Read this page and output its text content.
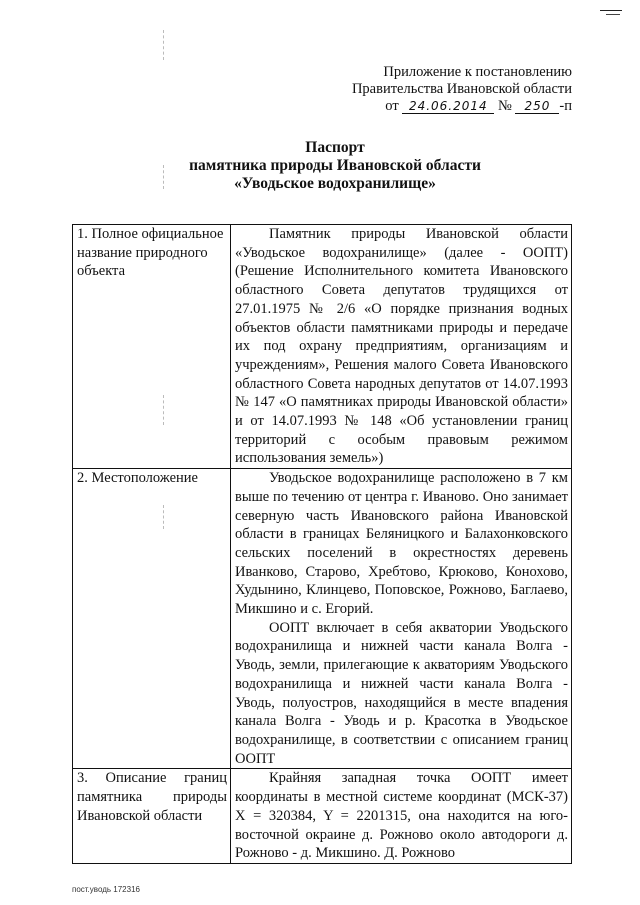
Приложение к постановлению
Правительства Ивановской области
от 24.06.2014 № 250 -п
Паспорт
памятника природы Ивановской области
«Уводьское водохранилище»
1. Полное официальное название природного объекта	Памятник природы Ивановской области «Уводьское водохранилище» (далее - ООПТ) (Решение Исполнительного комитета Ивановского областного Совета депутатов трудящихся от 27.01.1975 № 2/6 «О порядке признания водных объектов области памятниками природы и передаче их под охрану предприятиям, организациям и учреждениям», Решения малого Совета Ивановского областного Совета народных депутатов от 14.07.1993 № 147 «О памятниках природы Ивановской области» и от 14.07.1993 № 148 «Об установлении границ территорий с особым правовым режимом использования земель»)

2. Местоположение	Уводьское водохранилище расположено в 7 км выше по течению от центра г. Иваново. Оно занимает северную часть Ивановского района Ивановской области в границах Беляницкого и Балахонковского сельских поселений в окрестностях деревень Иванково, Старово, Хребтово, Крюково, Конохово, Худынино, Клинцево, Поповское, Рожново, Баглаево, Микшино и с. Егорий.

ООПТ включает в себя акватории Уводьского водохранилища и нижней части канала Волга - Уводь, земли, прилегающие к акваториям Уводьского водохранилища и нижней части канала Волга - Уводь, полуостров, находящийся в месте впадения канала Волга - Уводь и р. Красотка в Уводьское водохранилище, в соответствии с описанием границ ООПТ

3. Описание границ памятника природы Ивановской области	Крайняя западная точка ООПТ имеет координаты в местной системе координат (МСК-37) X = 320384, Y = 2201315, она находится на юго-восточной окраине д. Рожново около автодороги д. Рожново - д. Микшино. Д. Рожново

пост.уводь 172316
